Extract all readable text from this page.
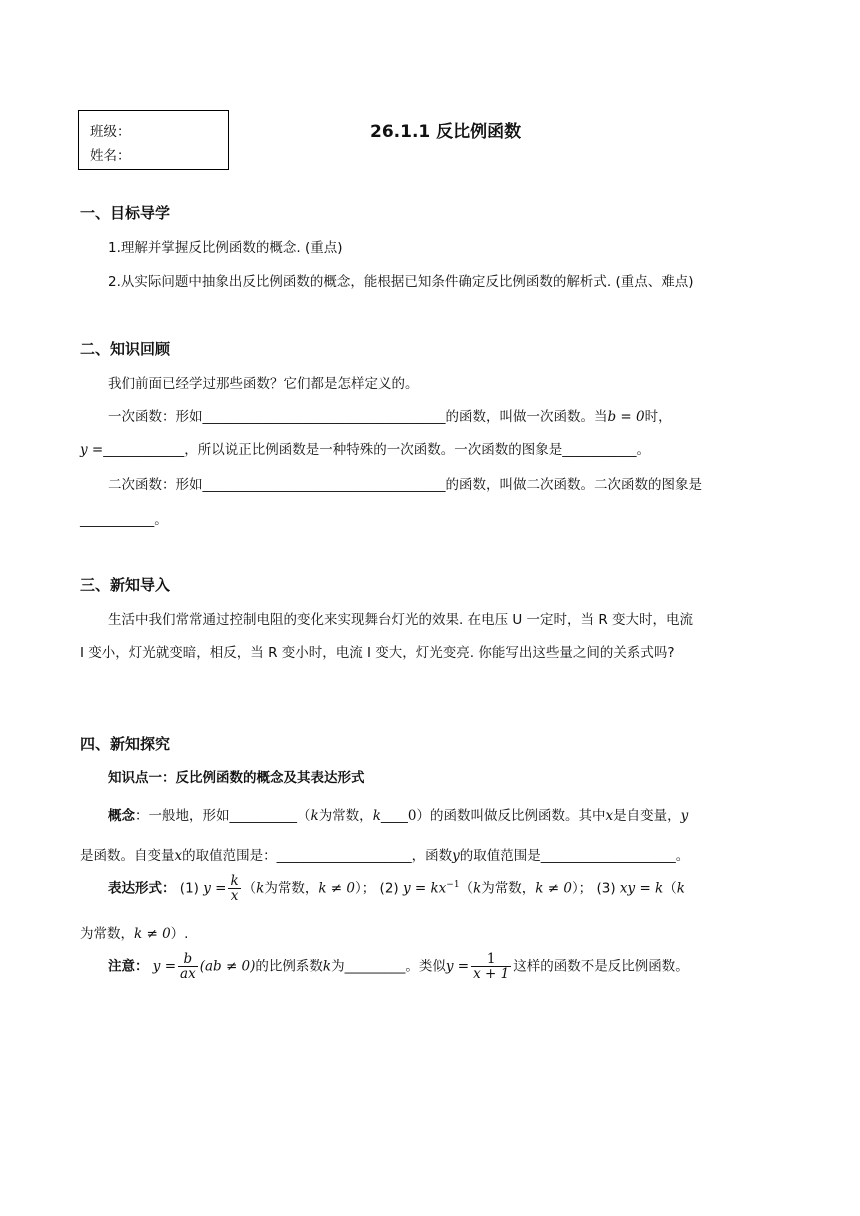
班级：
姓名：
26.1.1 反比例函数
一、目标导学
1.理解并掌握反比例函数的概念. (重点)
2.从实际问题中抽象出反比例函数的概念，能根据已知条件确定反比例函数的解析式. (重点、难点)
二、知识回顾
我们前面已经学过那些函数？它们都是怎样定义的。
一次函数：形如____________________________________的函数，叫做一次函数。当b = 0时，
y =____________，所以说正比例函数是一种特殊的一次函数。一次函数的图象是___________。
二次函数：形如____________________________________的函数，叫做二次函数。二次函数的图象是
___________。
三、新知导入
生活中我们常常通过控制电阻的变化来实现舞台灯光的效果. 在电压 U 一定时，当 R 变大时，电流
I 变小，灯光就变暗，相反，当 R 变小时，电流 I 变大，灯光变亮. 你能写出这些量之间的关系式吗?
四、新知探究
知识点一：反比例函数的概念及其表达形式
概念：一般地，形如__________（k为常数，k____0）的函数叫做反比例函数。其中x是自变量，y
是函数。自变量x的取值范围是：____________________，函数y的取值范围是____________________。
表达形式： (1) $y = \frac{k}{x} (k$为常数，k ≠ 0）； (2) $y = kx^{-1}(k$为常数，k ≠ 0）； (3) xy = k（k
为常数，k ≠ 0）.
注意： $y = \frac{b}{ax} (ab \ne 0)$的比例系数k为_________。类似$y = \frac{1}{x + 1}$ 这样的函数不是反比例函数。
